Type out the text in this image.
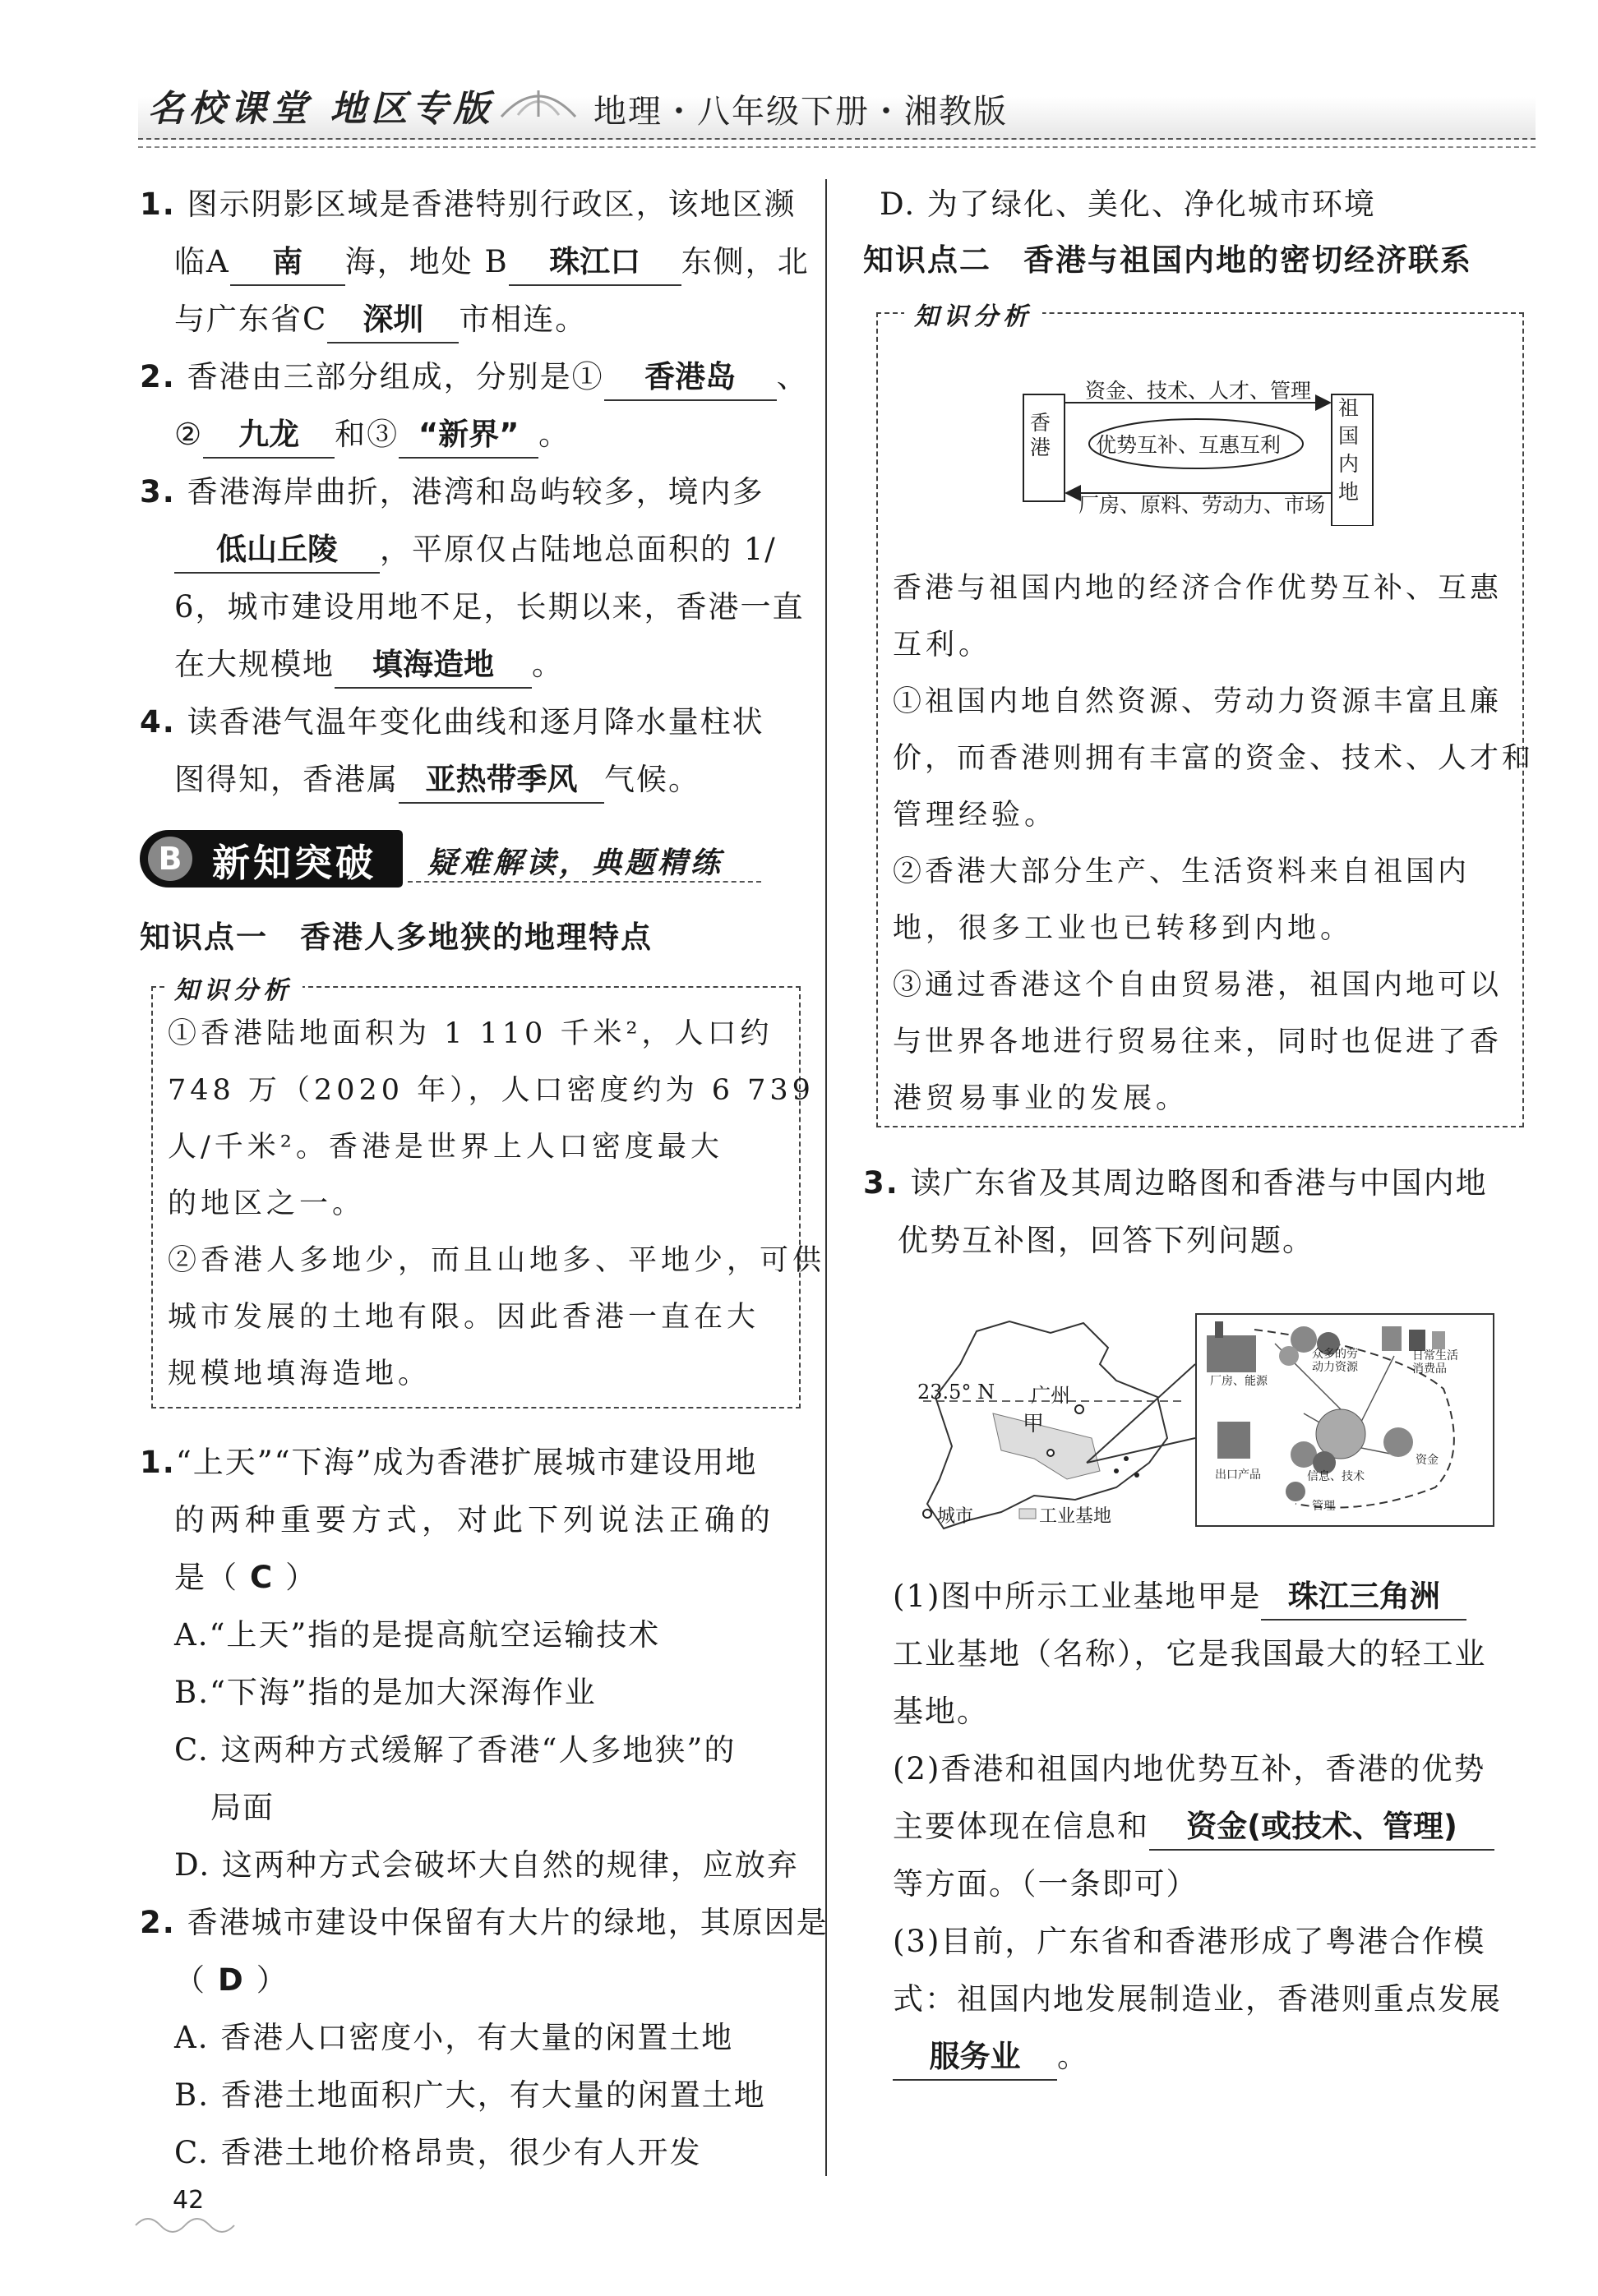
名校课堂 地区专版	地理・八年级下册・湘教版
1. 图示阴影区域是香港特别行政区，该地区濒
临A 南 海，地处 B 珠江口 东侧，北
与广东省C 深圳 市相连。
2. 香港由三部分组成，分别是① 香港岛 、
② 九龙 和③ “新界” 。
3. 香港海岸曲折，港湾和岛屿较多，境内多
低山丘陵 ，平原仅占陆地总面积的 1/
6，城市建设用地不足，长期以来，香港一直
在大规模地 填海造地 。
4. 读香港气温年变化曲线和逐月降水量柱状
图得知，香港属 亚热带季风 气候。
B 新知突破 疑难解读，典题精练
知识点一　香港人多地狭的地理特点
知识分析
①香港陆地面积为 1 110 千米²，人口约
748 万（2020 年），人口密度约为 6 739
人/千米²。香港是世界上人口密度最大
的地区之一。
②香港人多地少，而且山地多、平地少，可供
城市发展的土地有限。因此香港一直在大
规模地填海造地。
1.“上天”“下海”成为香港扩展城市建设用地
的两种重要方式，对此下列说法正确的
是（ C ）
A.“上天”指的是提高航空运输技术
B.“下海”指的是加大深海作业
C. 这两种方式缓解了香港“人多地狭”的
局面
D. 这两种方式会破坏大自然的规律，应放弃
2. 香港城市建设中保留有大片的绿地，其原因是
（ D ）
A. 香港人口密度小，有大量的闲置土地
B. 香港土地面积广大，有大量的闲置土地
C. 香港土地价格昂贵，很少有人开发
42
D. 为了绿化、美化、净化城市环境
知识点二　香港与祖国内地的密切经济联系
知识分析
香港
祖国内地
资金、技术、人才、管理
优势互补、互惠互利
厂房、原料、劳动力、市场
香港与祖国内地的经济合作优势互补、互惠
互利。
①祖国内地自然资源、劳动力资源丰富且廉
价，而香港则拥有丰富的资金、技术、人才和
管理经验。
②香港大部分生产、生活资料来自祖国内
地，很多工业也已转移到内地。
③通过香港这个自由贸易港，祖国内地可以
与世界各地进行贸易往来，同时也促进了香
港贸易事业的发展。
3. 读广东省及其周边略图和香港与中国内地
优势互补图，回答下列问题。
23.5° N 广州
甲
城市	工业基地
厂房、能源
众多的劳动力资源
日常生活消费品
出口产品	信息、技术
资金
管理
(1)图中所示工业基地甲是 珠江三角洲
工业基地（名称），它是我国最大的轻工业
基地。
(2)香港和祖国内地优势互补，香港的优势
主要体现在信息和 资金(或技术、管理)
等方面。（一条即可）
(3)目前，广东省和香港形成了粤港合作模
式：祖国内地发展制造业，香港则重点发展
服务业 。
